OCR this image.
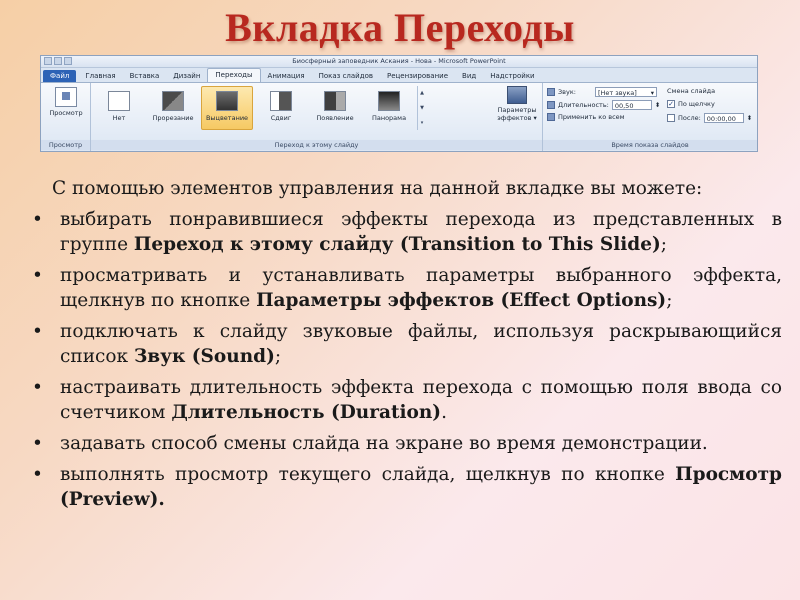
Вкладка Переходы
Биосферный заповедник Аскания - Нова - Microsoft PowerPoint
Файл	Главная	Вставка	Дизайн	Переходы	Анимация	Показ слайдов	Рецензирование	Вид	Надстройки
Просмотр
Просмотр
Нет	Прорезание	Выцветание	Сдвиг	Появление	Панорама
▲
▼
▾
Параметры эффектов ▾
Переход к этому слайду
Звук:	[Нет звука] ▾
Длительность: 00,50	⬍
Применить ко всем
Смена слайда
✓ По щелчку
После: 00:00,00	⬍
Время показа слайдов

С помощью элементов управления на данной вкладке вы можете:

• выбирать понравившиеся эффекты перехода из представленных в группе Переход к этому слайду (Transition to This Slide);
• просматривать и устанавливать параметры выбранного эффекта, щелкнув по кнопке Параметры эффектов (Effect Options);
• подключать к слайду звуковые файлы, используя раскрывающийся список Звук (Sound);
• настраивать длительность эффекта перехода с помощью поля ввода со счетчиком Длительность (Duration).
• задавать способ смены слайда на экране во время демонстрации.
• выполнять просмотр текущего слайда, щелкнув по кнопке Просмотр (Preview).
